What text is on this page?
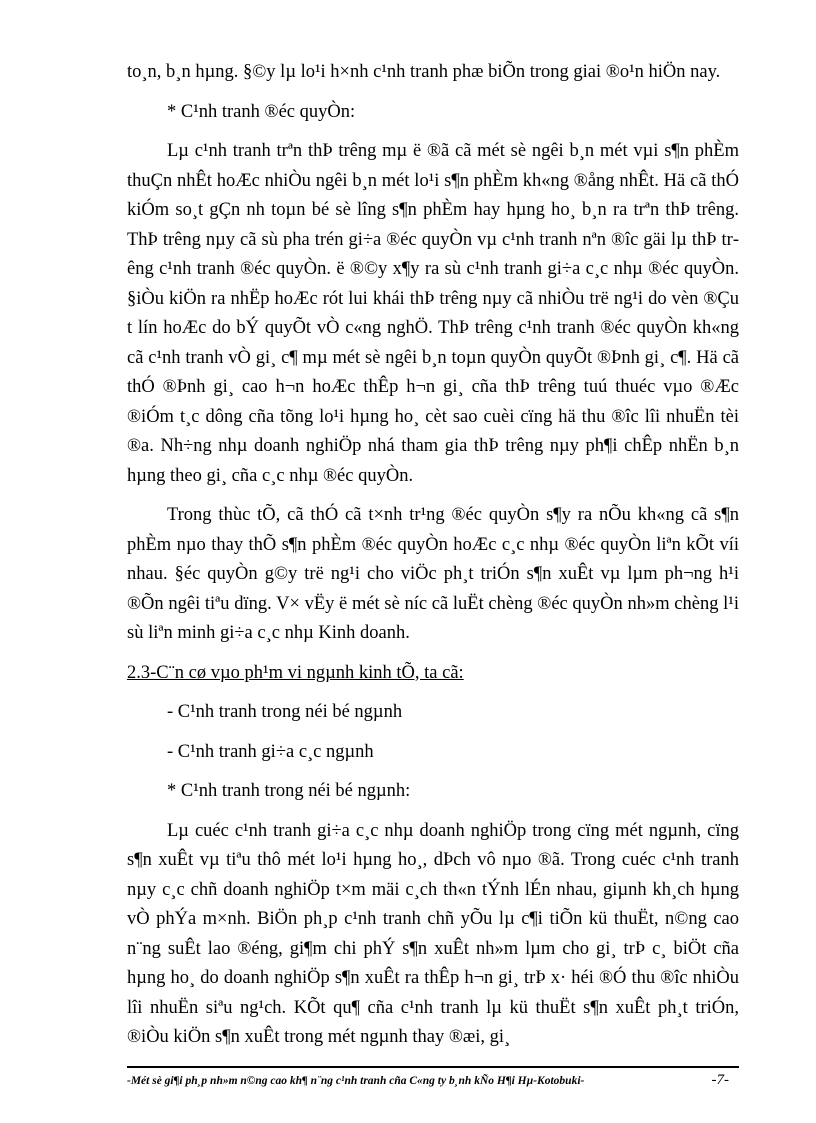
to¸n, b¸n hµng. §©y lµ lo¹i h×nh c¹nh tranh phæ biÕn trong giai ®o¹n hiÖn nay.

* C¹nh tranh ®éc quyÒn:

Lµ c¹nh tranh trªn thÞ trêng mµ ë ®ã cã mét sè ngêi b¸n mét vµi s¶n phÈm thuÇn nhÊt hoÆc nhiÒu ngêi b¸n mét lo¹i s¶n phÈm kh«ng ®ång nhÊt. Hä cã thÓ kiÓm so¸t gÇn nh toµn bé sè lîng s¶n phÈm hay hµng ho¸ b¸n ra trªn thÞ trêng. ThÞ trêng nµy cã sù pha trén gi÷a ®éc quyÒn vµ c¹nh tranh nªn ®îc gäi lµ thÞ trêng c¹nh tranh ®éc quyÒn. ë ®©y x¶y ra sù c¹nh tranh gi÷a c¸c nhµ ®éc quyÒn. §iÒu kiÖn ra nhËp hoÆc rót lui khái thÞ trêng nµy cã nhiÒu trë ng¹i do vèn ®Çu t lín hoÆc do bÝ quyÕt vÒ c«ng nghÖ. ThÞ trêng c¹nh tranh ®éc quyÒn kh«ng cã c¹nh tranh vÒ gi¸ c¶ mµ mét sè ngêi b¸n toµn quyÒn quyÕt ®Þnh gi¸ c¶. Hä cã thÓ ®Þnh gi¸ cao h¬n hoÆc thÊp h¬n gi¸ cña thÞ trêng tuú thuéc vµo ®Æc ®iÓm t¸c dông cña tõng lo¹i hµng ho¸ cèt sao cuèi cïng hä thu ®îc lîi nhuËn tèi ®a. Nh÷ng nhµ doanh nghiÖp nhá tham gia thÞ trêng nµy ph¶i chÊp nhËn b¸n hµng theo gi¸ cña c¸c nhµ ®éc quyÒn.

Trong thùc tÕ, cã thÓ cã t×nh tr¹ng ®éc quyÒn s¶y ra nÕu kh«ng cã s¶n phÈm nµo thay thÕ s¶n phÈm ®éc quyÒn hoÆc c¸c nhµ ®éc quyÒn liªn kÕt víi nhau. §éc quyÒn g©y trë ng¹i cho viÖc ph¸t triÓn s¶n xuÊt vµ lµm ph¬ng h¹i ®Õn ngêi tiªu dïng. V× vËy ë mét sè níc cã luËt chèng ®éc quyÒn nh»m chèng l¹i sù liªn minh gi÷a c¸c nhµ Kinh doanh.

2.3-C¨n cø vµo ph¹m vi ngµnh kinh tÕ, ta cã:

- C¹nh tranh trong néi bé ngµnh

- C¹nh tranh gi÷a c¸c ngµnh

* C¹nh tranh trong néi bé ngµnh:

Lµ cuéc c¹nh tranh gi÷a c¸c nhµ doanh nghiÖp trong cïng mét ngµnh, cïng s¶n xuÊt vµ tiªu thô mét lo¹i hµng ho¸, dÞch vô nµo ®ã. Trong cuéc c¹nh tranh nµy c¸c chñ doanh nghiÖp t×m mäi c¸ch th«n tÝnh lÉn nhau, giµnh kh¸ch hµng vÒ phÝa m×nh. BiÖn ph¸p c¹nh tranh chñ yÕu lµ c¶i tiÕn kü thuËt, n©ng cao n¨ng suÊt lao ®éng, gi¶m chi phÝ s¶n xuÊt nh»m lµm cho gi¸ trÞ c¸ biÖt cña hµng ho¸ do doanh nghiÖp s¶n xuÊt ra thÊp h¬n gi¸ trÞ x· héi ®Ó thu ®îc nhiÒu lîi nhuËn siªu ng¹ch. KÕt qu¶ cña c¹nh tranh lµ kü thuËt s¶n xuÊt ph¸t triÓn, ®iÒu kiÖn s¶n xuÊt trong mét ngµnh thay ®æi, gi¸

-Mét sè gi¶i ph¸p nh»m n©ng cao kh¶ n¨ng c¹nh tranh cña C«ng ty b¸nh kÑo H¶i Hµ-Kotobuki-	-7-
